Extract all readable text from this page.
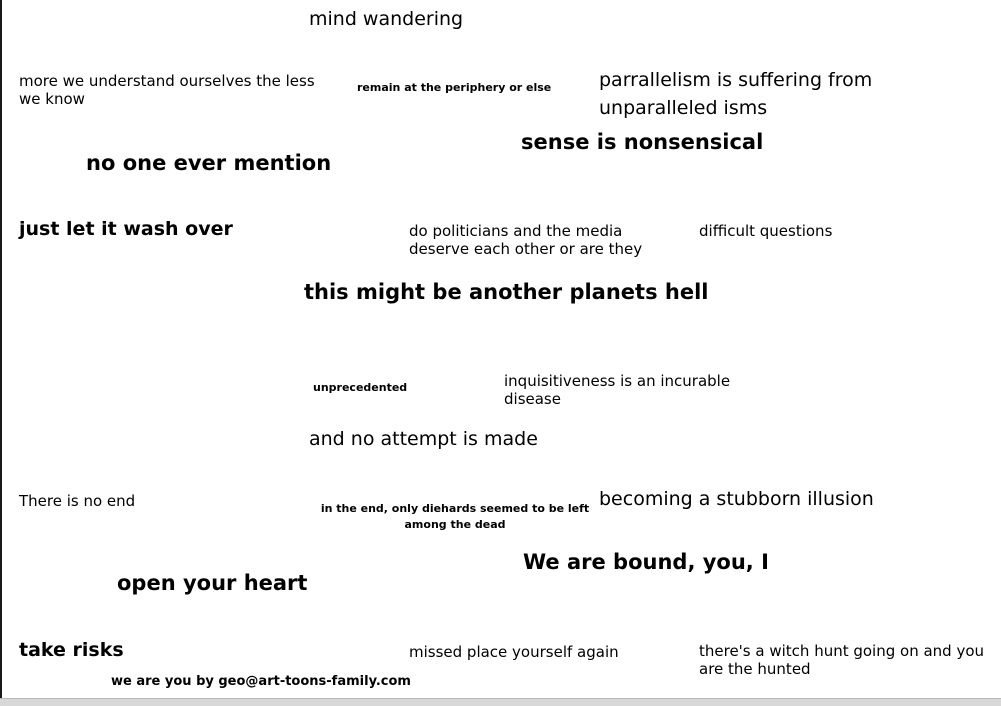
mind wandering

more we understand ourselves the less we know

remain at the periphery or else	parrallelism is suffering from unparalleled isms

sense is nonsensical

no one ever mention

just let it wash over	do politicians and the media deserve each other or are they

difficult questions

this might be another planets hell

unprecedented	inquisitiveness is an incurable disease

and no attempt is made

There is no end	in the end, only diehards seemed to be left
among the dead

becoming a stubborn illusion

We are bound, you, I

open your heart

take risks	missed place yourself again	there's a witch hunt going on and you are the hunted

we are you by geo@art-toons-family.com
